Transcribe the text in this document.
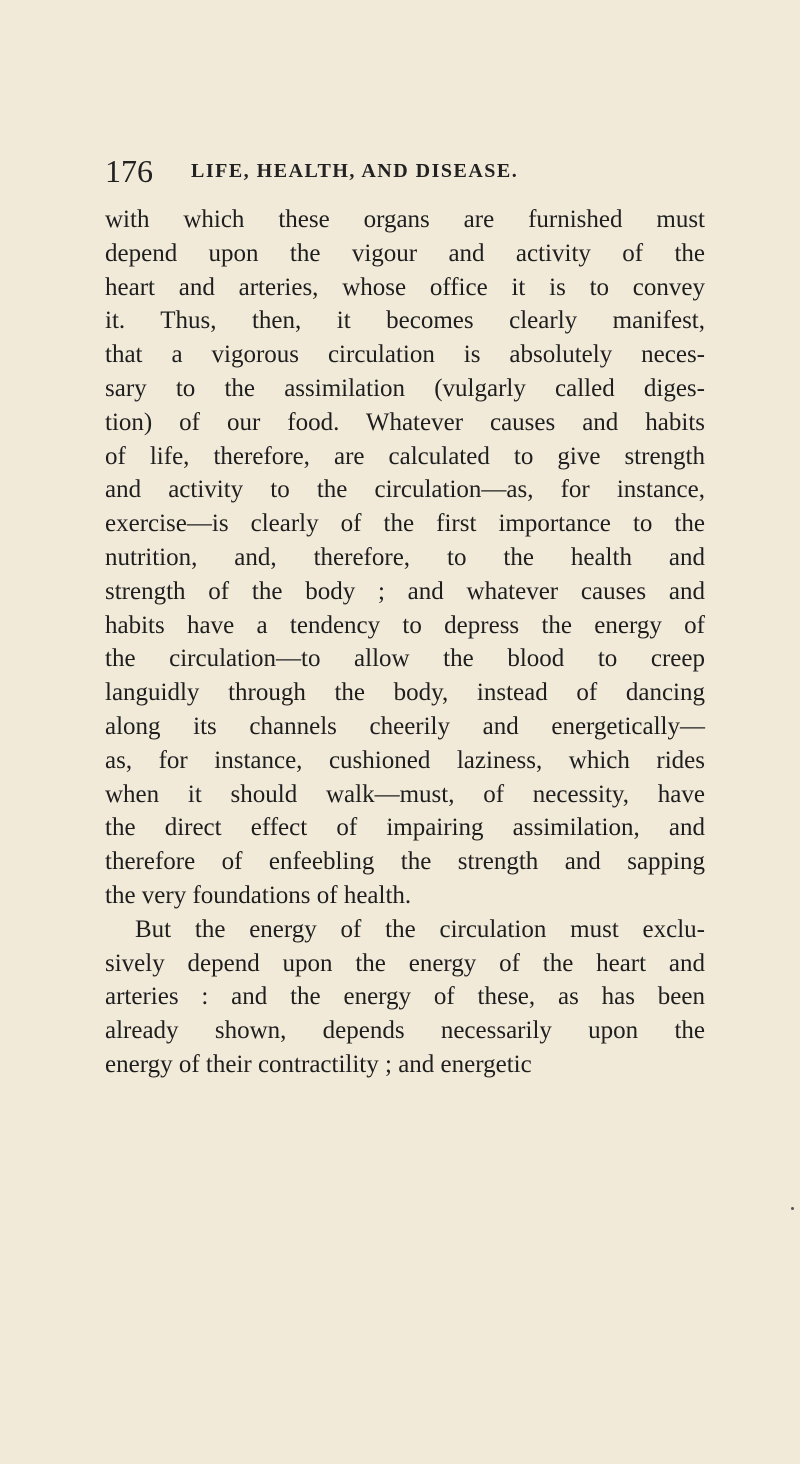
176 LIFE, HEALTH, AND DISEASE.
with which these organs are furnished must
depend upon the vigour and activity of the
heart and arteries, whose office it is to convey
it. Thus, then, it becomes clearly manifest,
that a vigorous circulation is absolutely neces-
sary to the assimilation (vulgarly called diges-
tion) of our food. Whatever causes and habits
of life, therefore, are calculated to give strength
and activity to the circulation—as, for instance,
exercise—is clearly of the first importance to the
nutrition, and, therefore, to the health and
strength of the body ; and whatever causes and
habits have a tendency to depress the energy of
the circulation—to allow the blood to creep
languidly through the body, instead of dancing
along its channels cheerily and energetically—
as, for instance, cushioned laziness, which rides
when it should walk—must, of necessity, have
the direct effect of impairing assimilation, and
therefore of enfeebling the strength and sapping
the very foundations of health.
But the energy of the circulation must exclu-
sively depend upon the energy of the heart and
arteries : and the energy of these, as has been
already shown, depends necessarily upon the
energy of their contractility ; and energetic
